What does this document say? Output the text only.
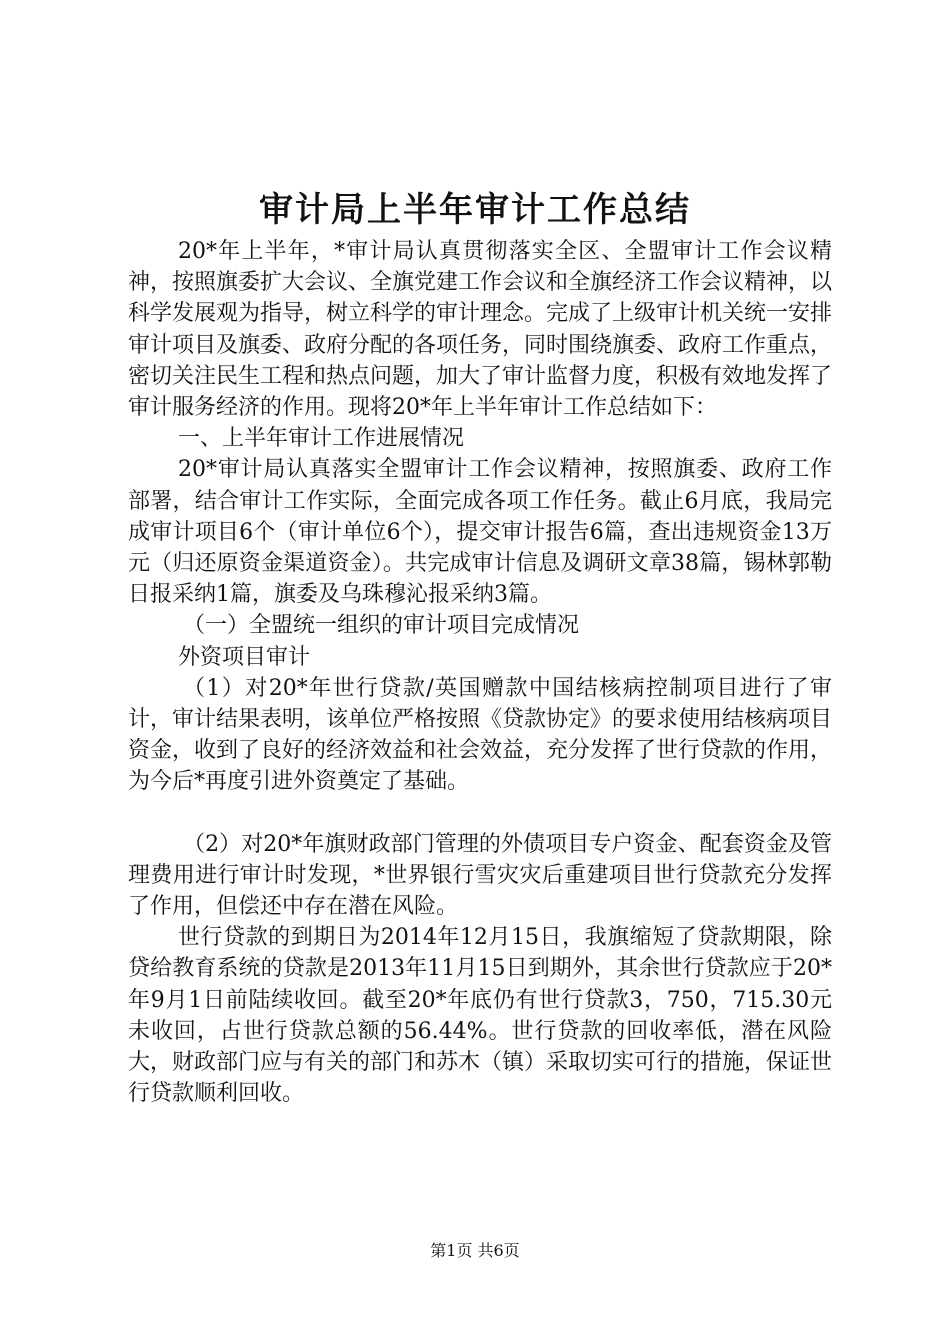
审计局上半年审计工作总结

20*年上半年，*审计局认真贯彻落实全区、全盟审计工作会议精神，按照旗委扩大会议、全旗党建工作会议和全旗经济工作会议精神，以科学发展观为指导，树立科学的审计理念。完成了上级审计机关统一安排审计项目及旗委、政府分配的各项任务，同时围绕旗委、政府工作重点，密切关注民生工程和热点问题，加大了审计监督力度，积极有效地发挥了审计服务经济的作用。现将20*年上半年审计工作总结如下：

一、上半年审计工作进展情况

20*审计局认真落实全盟审计工作会议精神，按照旗委、政府工作部署，结合审计工作实际，全面完成各项工作任务。截止6月底，我局完成审计项目6个（审计单位6个），提交审计报告6篇，查出违规资金13万元（归还原资金渠道资金）。共完成审计信息及调研文章38篇，锡林郭勒日报采纳1篇，旗委及乌珠穆沁报采纳3篇。

（一）全盟统一组织的审计项目完成情况

外资项目审计

（1）对20*年世行贷款/英国赠款中国结核病控制项目进行了审计，审计结果表明，该单位严格按照《贷款协定》的要求使用结核病项目资金，收到了良好的经济效益和社会效益，充分发挥了世行贷款的作用，为今后*再度引进外资奠定了基础。

（2）对20*年旗财政部门管理的外债项目专户资金、配套资金及管理费用进行审计时发现，*世界银行雪灾灾后重建项目世行贷款充分发挥了作用，但偿还中存在潜在风险。

世行贷款的到期日为2014年12月15日，我旗缩短了贷款期限，除贷给教育系统的贷款是2013年11月15日到期外，其余世行贷款应于20*年9月1日前陆续收回。截至20*年底仍有世行贷款3，750，715.30元未收回，占世行贷款总额的56.44%。世行贷款的回收率低，潜在风险大，财政部门应与有关的部门和苏木（镇）采取切实可行的措施，保证世行贷款顺利回收。

第1页 共6页
